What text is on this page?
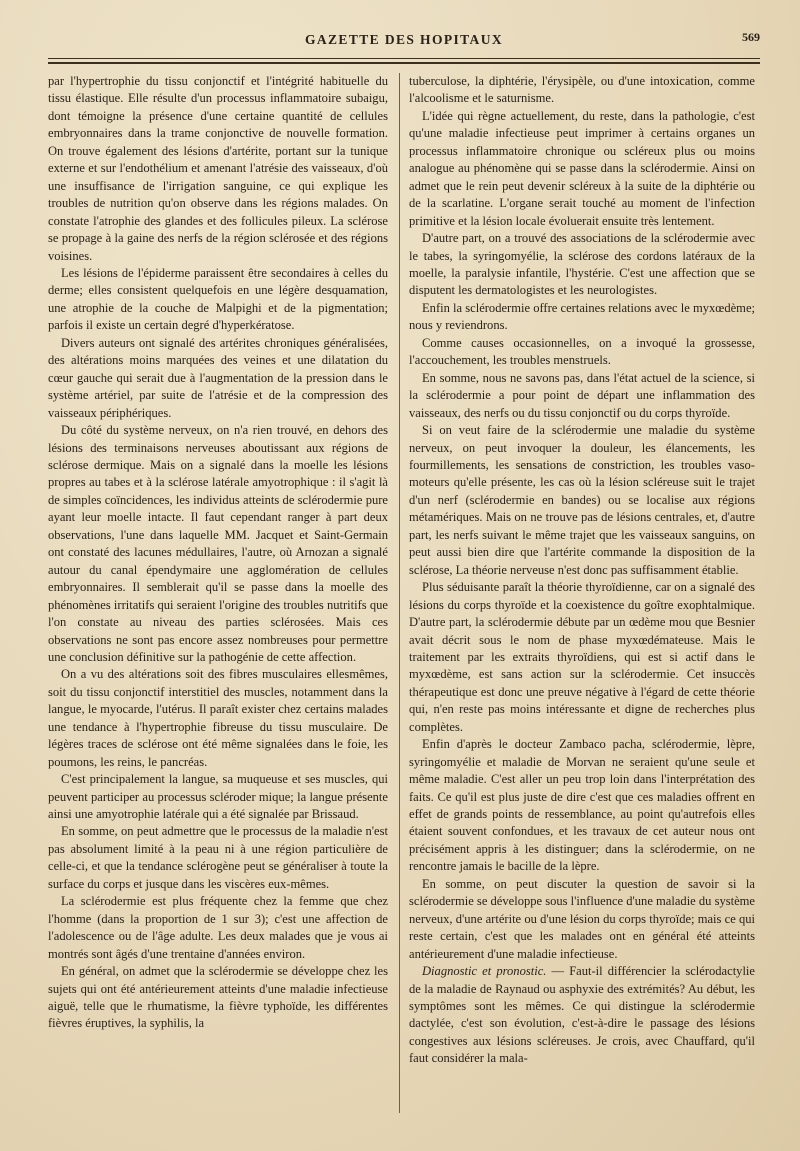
GAZETTE DES HOPITAUX	569

par l'hypertrophie du tissu conjonctif et l'intégrité habituelle du tissu élastique. Elle résulte d'un processus inflammatoire subaigu, dont témoigne la présence d'une certaine quantité de cellules embryonnaires dans la trame conjonctive de nouvelle formation. On trouve également des lésions d'artérite, portant sur la tunique externe et sur l'endothélium et amenant l'atrésie des vaisseaux, d'où une insuffisance de l'irrigation sanguine, ce qui explique les troubles de nutrition qu'on observe dans les régions malades. On constate l'atrophie des glandes et des follicules pileux. La sclérose se propage à la gaine des nerfs de la région sclérosée et des régions voisines.

Les lésions de l'épiderme paraissent être secondaires à celles du derme; elles consistent quelquefois en une légère desquamation, une atrophie de la couche de Malpighi et de la pigmentation; parfois il existe un certain degré d'hyperkératose.

Divers auteurs ont signalé des artérites chroniques généralisées, des altérations moins marquées des veines et une dilatation du cœur gauche qui serait due à l'augmentation de la pression dans le système artériel, par suite de l'atrésie et de la compression des vaisseaux périphériques.

Du côté du système nerveux, on n'a rien trouvé, en dehors des lésions des terminaisons nerveuses aboutissant aux régions de sclérose dermique. Mais on a signalé dans la moelle les lésions propres au tabes et à la sclérose latérale amyotrophique : il s'agit là de simples coïncidences, les individus atteints de sclérodermie pure ayant leur moelle intacte. Il faut cependant ranger à part deux observations, l'une dans laquelle MM. Jacquet et Saint-Germain ont constaté des lacunes médullaires, l'autre, où Arnozan a signalé autour du canal épendymaire une agglomération de cellules embryonnaires. Il semblerait qu'il se passe dans la moelle des phénomènes irritatifs qui seraient l'origine des troubles nutritifs que l'on constate au niveau des parties sclérosées. Mais ces observations ne sont pas encore assez nombreuses pour permettre une conclusion définitive sur la pathogénie de cette affection.

On a vu des altérations soit des fibres musculaires ellesmêmes, soit du tissu conjonctif interstitiel des muscles, notamment dans la langue, le myocarde, l'utérus. Il paraît exister chez certains malades une tendance à l'hypertrophie fibreuse du tissu musculaire. De légères traces de sclérose ont été même signalées dans le foie, les poumons, les reins, le pancréas.

C'est principalement la langue, sa muqueuse et ses muscles, qui peuvent participer au processus scléroder mique; la langue présente ainsi une amyotrophie latérale qui a été signalée par Brissaud.

En somme, on peut admettre que le processus de la maladie n'est pas absolument limité à la peau ni à une région particulière de celle-ci, et que la tendance sclérogène peut se généraliser à toute la surface du corps et jusque dans les viscères eux-mêmes.

La sclérodermie est plus fréquente chez la femme que chez l'homme (dans la proportion de 1 sur 3); c'est une affection de l'adolescence ou de l'âge adulte. Les deux malades que je vous ai montrés sont âgés d'une trentaine d'années environ.

En général, on admet que la sclérodermie se développe chez les sujets qui ont été antérieurement atteints d'une maladie infectieuse aiguë, telle que le rhumatisme, la fièvre typhoïde, les différentes fièvres éruptives, la syphilis, la

tuberculose, la diphtérie, l'érysipèle, ou d'une intoxication, comme l'alcoolisme et le saturnisme.

L'idée qui règne actuellement, du reste, dans la pathologie, c'est qu'une maladie infectieuse peut imprimer à certains organes un processus inflammatoire chronique ou scléreux plus ou moins analogue au phénomène qui se passe dans la sclérodermie. Ainsi on admet que le rein peut devenir scléreux à la suite de la diphtérie ou de la scarlatine. L'organe serait touché au moment de l'infection primitive et la lésion locale évoluerait ensuite très lentement.

D'autre part, on a trouvé des associations de la sclérodermie avec le tabes, la syringomyélie, la sclérose des cordons latéraux de la moelle, la paralysie infantile, l'hystérie. C'est une affection que se disputent les dermatologistes et les neurologistes.

Enfin la sclérodermie offre certaines relations avec le myxœdème; nous y reviendrons.

Comme causes occasionnelles, on a invoqué la grossesse, l'accouchement, les troubles menstruels.

En somme, nous ne savons pas, dans l'état actuel de la science, si la sclérodermie a pour point de départ une inflammation des vaisseaux, des nerfs ou du tissu conjonctif ou du corps thyroïde.

Si on veut faire de la sclérodermie une maladie du système nerveux, on peut invoquer la douleur, les élancements, les fourmillements, les sensations de constriction, les troubles vaso-moteurs qu'elle présente, les cas où la lésion scléreuse suit le trajet d'un nerf (sclérodermie en bandes) ou se localise aux régions métamériques. Mais on ne trouve pas de lésions centrales, et, d'autre part, les nerfs suivant le même trajet que les vaisseaux sanguins, on peut aussi bien dire que l'artérite commande la disposition de la sclérose, La théorie nerveuse n'est donc pas suffisamment établie.

Plus séduisante paraît la théorie thyroïdienne, car on a signalé des lésions du corps thyroïde et la coexistence du goître exophtalmique. D'autre part, la sclérodermie débute par un œdème mou que Besnier avait décrit sous le nom de phase myxœdémateuse. Mais le traitement par les extraits thyroïdiens, qui est si actif dans le myxœdème, est sans action sur la sclérodermie. Cet insuccès thérapeutique est donc une preuve négative à l'égard de cette théorie qui, n'en reste pas moins intéressante et digne de recherches plus complètes.

Enfin d'après le docteur Zambaco pacha, sclérodermie, lèpre, syringomyélie et maladie de Morvan ne seraient qu'une seule et même maladie. C'est aller un peu trop loin dans l'interprétation des faits. Ce qu'il est plus juste de dire c'est que ces maladies offrent en effet de grands points de ressemblance, au point qu'autrefois elles étaient souvent confondues, et les travaux de cet auteur nous ont précisément appris à les distinguer; dans la sclérodermie, on ne rencontre jamais le bacille de la lèpre.

En somme, on peut discuter la question de savoir si la sclérodermie se développe sous l'influence d'une maladie du système nerveux, d'une artérite ou d'une lésion du corps thyroïde; mais ce qui reste certain, c'est que les malades ont en général été atteints antérieurement d'une maladie infectieuse.

Diagnostic et pronostic. — Faut-il différencier la sclérodactylie de la maladie de Raynaud ou asphyxie des extrémités? Au début, les symptômes sont les mêmes. Ce qui distingue la sclérodermie dactylée, c'est son évolution, c'est-à-dire le passage des lésions congestives aux lésions scléreuses. Je crois, avec Chauffard, qu'il faut considérer la mala-
